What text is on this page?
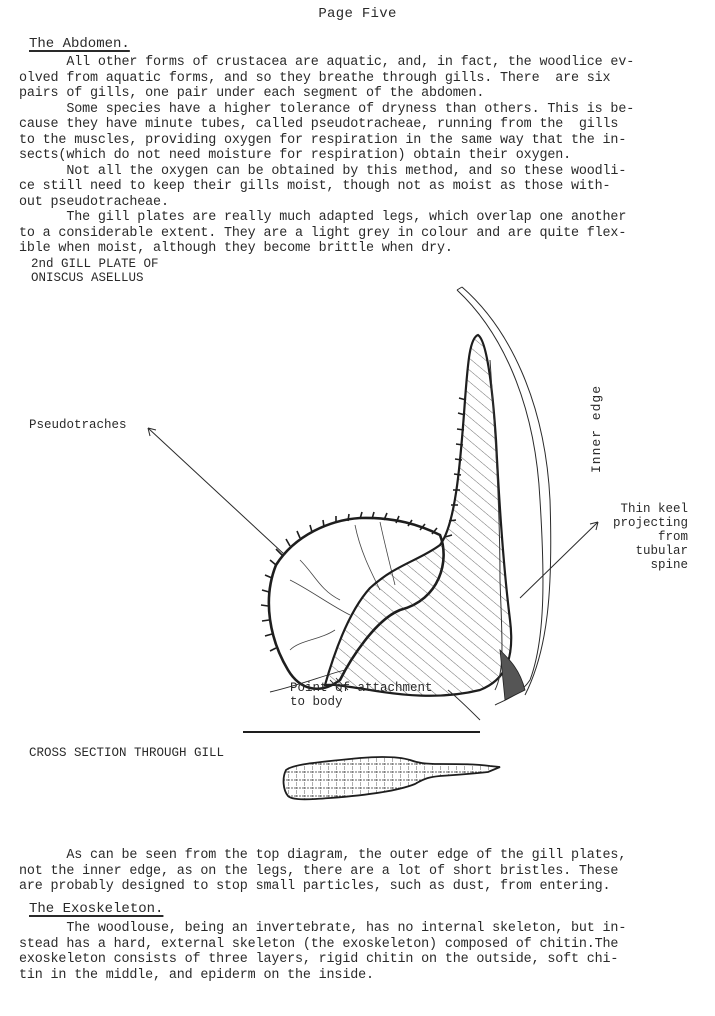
Page Five
The Abdomen.
All other forms of crustacea are aquatic, and, in fact, the woodlice ev-
olved from aquatic forms, and so they breathe through gills. There  are six
pairs of gills, one pair under each segment of the abdomen.
Some species have a higher tolerance of dryness than others. This is be-
cause they have minute tubes, called pseudotracheae, running from the  gills
to the muscles, providing oxygen for respiration in the same way that the in-
sects(which do not need moisture for respiration) obtain their oxygen.
Not all the oxygen can be obtained by this method, and so these woodli-
ce still need to keep their gills moist, though not as moist as those with-
out pseudotracheae.
The gill plates are really much adapted legs, which overlap one another
to a considerable extent. They are a light grey in colour and are quite flex-
ible when moist, although they become brittle when dry.
2nd GILL PLATE OF
ONISCUS ASELLUS
Pseudotraches	Inner edge
Thin keel
projecting
from
tubular
spine
Point of attachment
to body
CROSS SECTION THROUGH GILL
As can be seen from the top diagram, the outer edge of the gill plates,
not the inner edge, as on the legs, there are a lot of short bristles. These
are probably designed to stop small particles, such as dust, from entering.
The Exoskeleton.
The woodlouse, being an invertebrate, has no internal skeleton, but in-
stead has a hard, external skeleton (the exoskeleton) composed of chitin.The
exoskeleton consists of three layers, rigid chitin on the outside, soft chi-
tin in the middle, and epiderm on the inside.
